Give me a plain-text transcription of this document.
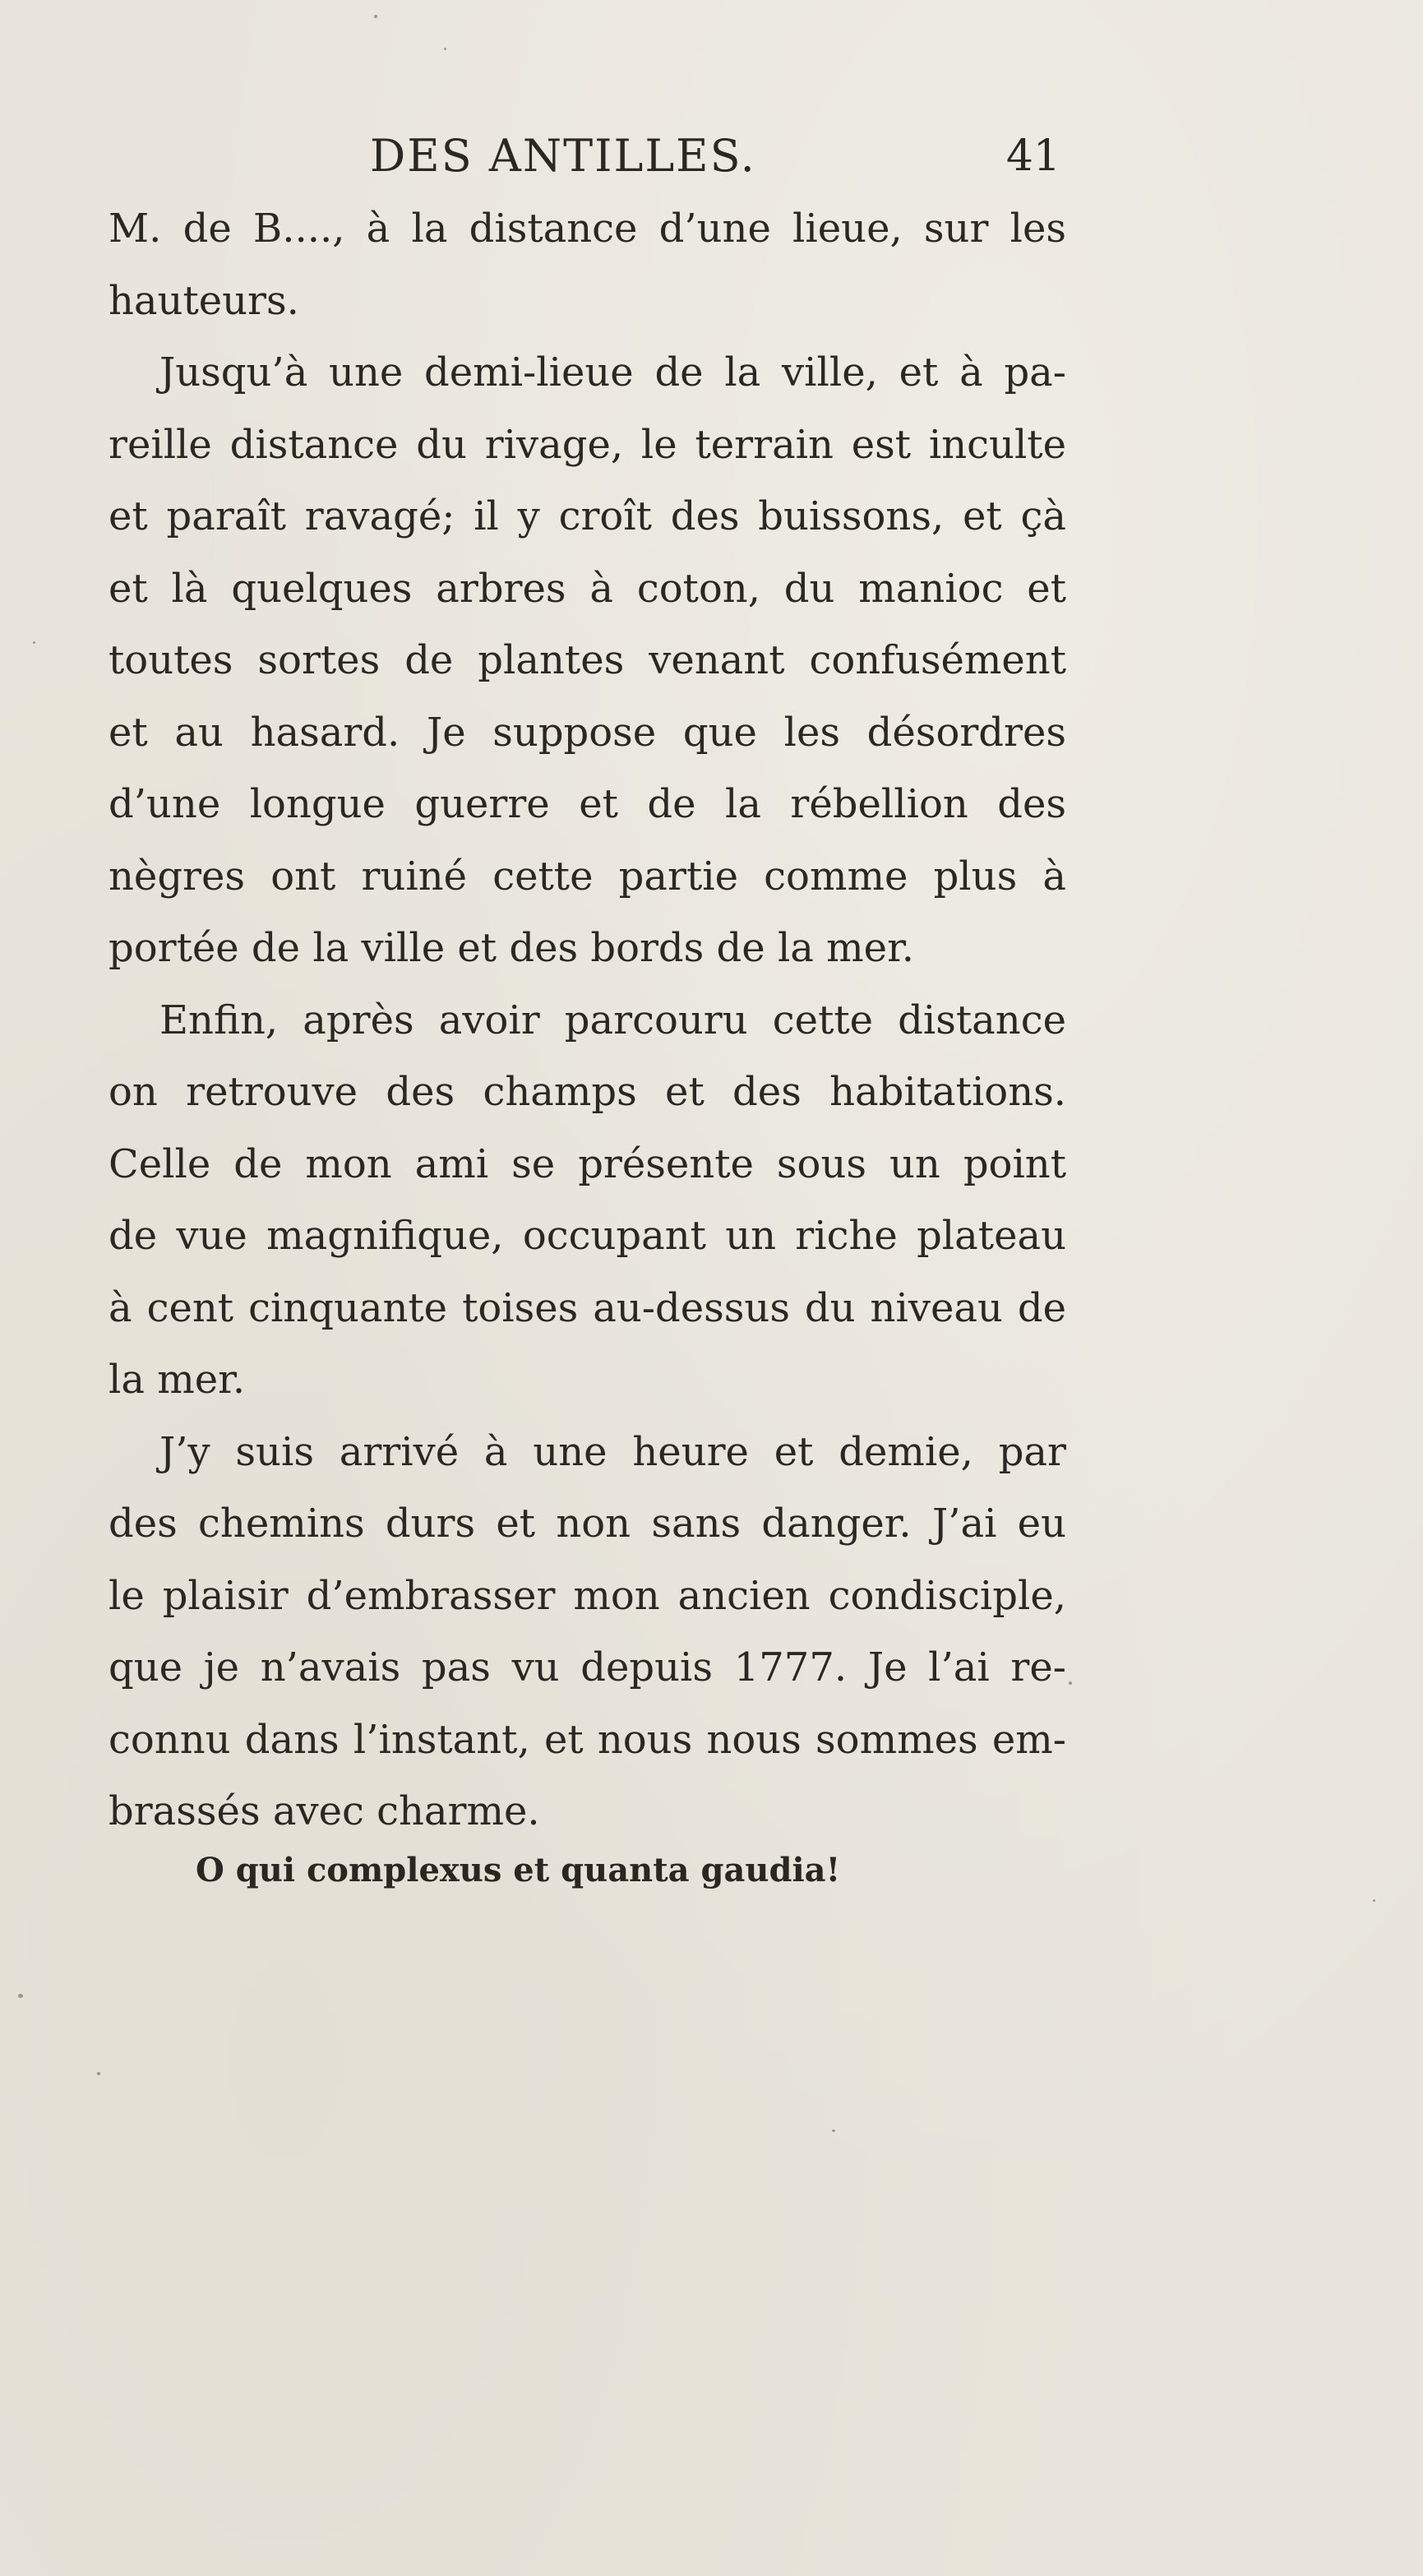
DES ANTILLES.	41
M. de B...., à la distance d’une lieue, sur les
hauteurs.
Jusqu’à une demi-lieue de la ville, et à pa-
reille distance du rivage, le terrain est inculte
et paraît ravagé; il y croît des buissons, et çà
et là quelques arbres à coton, du manioc et
toutes sortes de plantes venant confusément
et au hasard. Je suppose que les désordres
d’une longue guerre et de la rébellion des
nègres ont ruiné cette partie comme plus à
portée de la ville et des bords de la mer.
Enfin, après avoir parcouru cette distance
on retrouve des champs et des habitations.
Celle de mon ami se présente sous un point
de vue magnifique, occupant un riche plateau
à cent cinquante toises au-dessus du niveau de
la mer.
J’y suis arrivé à une heure et demie, par
des chemins durs et non sans danger. J’ai eu
le plaisir d’embrasser mon ancien condisciple,
que je n’avais pas vu depuis 1777. Je l’ai re-
connu dans l’instant, et nous nous sommes em-
brassés avec charme.
O qui complexus et quanta gaudia!
